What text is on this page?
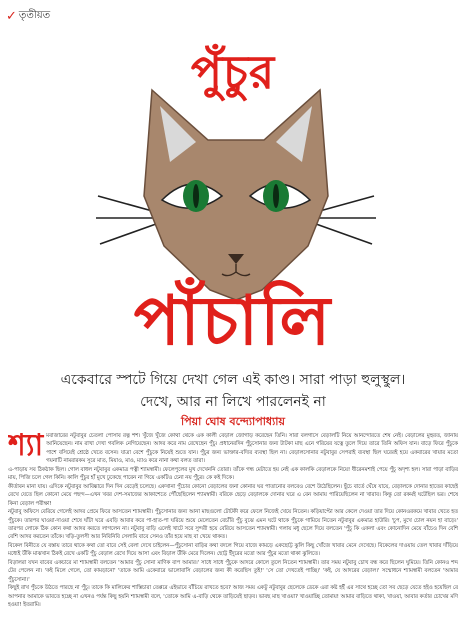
✓ তৃতীয়ত
পুঁচুর
পাঁচালি
একেবারে স্পটে গিয়ে দেখা গেল এই কাণ্ড। সারা পাড়া হুলুস্থুল।
দেখে, আর না লিখে পারলেনই না
পিয়া ঘোষ বন্দ্যোপাধ্যায়
শ্যা মবাজারের নটুবাবুর চেতলা পোসাব রত্ন শশ। খুঁজে খুঁজে কোথা থেকে এক কালী বেড়াল জোগাড় করেছেন তিনি। সারা বলগাসে বেড়ালটি নিয়ে আনন্দোরতে শেষ নেই। বেড়ালের মুহুরত, জানায় আনিয়েছেন। নাম রাখা দেখা গবলিক নেগিয়েছেন। আদর করে নাম রেখেছেন পুঁচু। প্রধানেরদিন পুঁচুসোনার জন্য টাটকা মাছ এনে গরিয়ের যত্নে তুলে দিয়ে তারে তিনি অফিস যান। বাড়ে ফিরে পুঁচুকে পাশে বসিয়েই শ্রেষ্ঠে খেতে বসেন। যাত্রা বেশে পুঁচুকে নিয়েই শুতে যান। পুঁচুর জন্য ভাক্তার-বদ্যির ব্যবস্থা ছিল না। বেড়ালসোনার নটুবাবুর সেপরাই ব্যবস্থা ছিল ঘরেরই হয়ে একবারের খায়ার মতো গয়নাটি নামরারকম সুরে মাত, মিয়াও, মাও, ম্যাও করে নানা কথা বলত তারা।

এ-পাড়ায় সব ঠিকঠাক ছিল। গোল বাধল নটুবাবুর একমাত্র পত্নী শ্যামস্বামী। ফেলেপুলের মুখ দেখেননি তোরা। তাঁকে গন্ধ মেটাতে হয় নেই এক কালকি বেড়ালকে নিয়ে! ধীরেনমশাই পেয়ে পুঁচু অদৃশ্য হল। সারা পাড়া বাড়ির মায়, পিজি চলে গেল কিনি। কালি পুঁচুর হাঁ মুখে ঢুকেছে পারেন না গিয়ে একটিও চেনা নয় পুঁচুর। কে কই দিকে।

কীর্তাবন মানা যায়। এদিকে নটুবাবুর আবিষ্কারে দিন দিন বেড়েই চলেছে। একখানা পুঁচোর কোনো বেড়ালের জনা কোনার ঘর পাতানোর বলবেও বেশে উঠেছিলেন। ছুঁচে বার্তে ঘেঁষে যায়ে, বেড়ালকে দোনার হাতের কাছেই রেখে যেতে ছিল কোনো মেয়ে পছন্দ—এখন খবর দেশ-সমাজের আকাশেতে পৌঁছেছিলেন শ্যামস্বামী। বরিকে ছেড়ে বেড়ালকে দোনার ঘরে এ বেন আমায় পারিয়েছিলেন না খারাব। কিন্তু তো রকমই ঘটেছিল ভর। শেষে কিনা বেড়াল পরীক্ষা!

নটুবাবু অফিসে বেরিয়ে গেলেই আদর প্রেমে ফিরে আসতেন শ্যামস্বামী। পুঁচুসোনার জন্য আনা মাছগুলো টোটকী করে ফেলে নিজেই খেয়ে নিতেন। কড়িয়াপ্টাে আর কেলে দেওয়া তার দিয়ে কোনওরকমে খাবার খেতে হত পুঁচুকে। তারপর ঘাওয়া-দাওয়া শেষে ঘাঁটা ঘরে এবড়ি আবার করে পা-হাত-পা ঘরিয়ে শুয়ে মেলেতেন বেচাঁরি পুঁচু বুঝে এমন ঘটে থাকে পুঁচুকে গামিয়ে নিতেন নটুবাবুর একমাত্র হাউরি। 'চুপ, মুখে চোল নয়ন হা বাড়ে।' তারপর লোকে ঠিক কোন কথা আদর করতে লাগলেন না। নটুবাবু বাড়ি এলেই খাটে সরে সুন্দরী হয়ে বেরিয়ে আসতেন শ্যামস্বামী। গলায় মধু ছেলে দিয়ে বলতেন 'পুঁচু কি একলা এবং কোনোদিন মেয়ে বাঁচেও দিন বেশি বেশি আদর করতেন তাঁকে। খড়ি-তুলসী আর নিবিনিবি সেলামি বাবে সেনও তাঁর হয়ে মাছ বা খেয়ে থাকত।

বিকেল বিনীতে যে বস্তায় তারে থাকে কথা তো বারে সেই বেলা দেখে চাইলেন—পুঁচুসোনা বাড়ির কথা বদলে গিয়ে বাজে কামড়ে একছোট্ট ঝুলি কিছু খোঁজে খাবার মেনে দেখেছে। বিকেলের দাওয়ায় তেল খাবার দাঁড়িয়ে মধ্যেই উঁকি মাঝখান ঠিকই রেখে একটি পুঁচু বেড়াল রেখে দিয়ে আসা এবং বিড়াল উঁকি মেরে দিলেন। ছোট্ট ইঁদুরের মতো আর পুঁচুর মতো থাকা ঝুলিতে।

বিড়ালরা যখন বাবের একচারে মা শ্যামস্বামী বলতেন 'আমার পুঁচু সোনা মাণিক বাপ আমার।' সাধে সাধে পুঁচুকে আদরে কোলে তুলে নিতেন শ্যামস্বামী। তার সময় নটুবাবু চোখ বন্ধ করে ছিলেন ঘুমিয়ে। তিনি কোনও শব্দ টের পেলেন না। 'কই মিলে গেলে, তো কামড়ানো' 'তাকে আমি একেবারে ভালোবাসি বেড়ালের জন্য কী করেছিস তুই!' 'সে তো দেখতেই পাচ্ছি।' 'কই, যে আদরের বেড়াল।' সম্মোধনে শ্যামস্বামী বলতেন 'আমার পুঁচুসোনা।'

কিছুই রাখ পুঁচকে উঠতে পারছে না পুঁচু। তাকে কি মালিকের শাস্তিচারা তেপ্পরে এইভাবে বাঁচিয়ে রাখতে হবে? আজ সময় একটু নটুবাবুর ছেলেকে ডেকে এরা কষ্ট হইঁ এর সাথে হচ্ছে তো সব ছেড়ে যেতে হইও হয়েছিল রে আপনার আমাকে ভাবতে হচ্ছে না এখনও পর্যন্ত কিছু হয়নি শ্যামস্বামী বলে, 'তোকে আমি এ-বাড়ি থেকে তাড়িয়েই ছাড়ব। ভাবছ মাছ খাওয়া? খাওয়াচ্ছি তোমায়! আমার বাড়িতে থাকা, খাওয়া, আবার কর্তার চোখের মণি হওয়া! ইতরামি।
